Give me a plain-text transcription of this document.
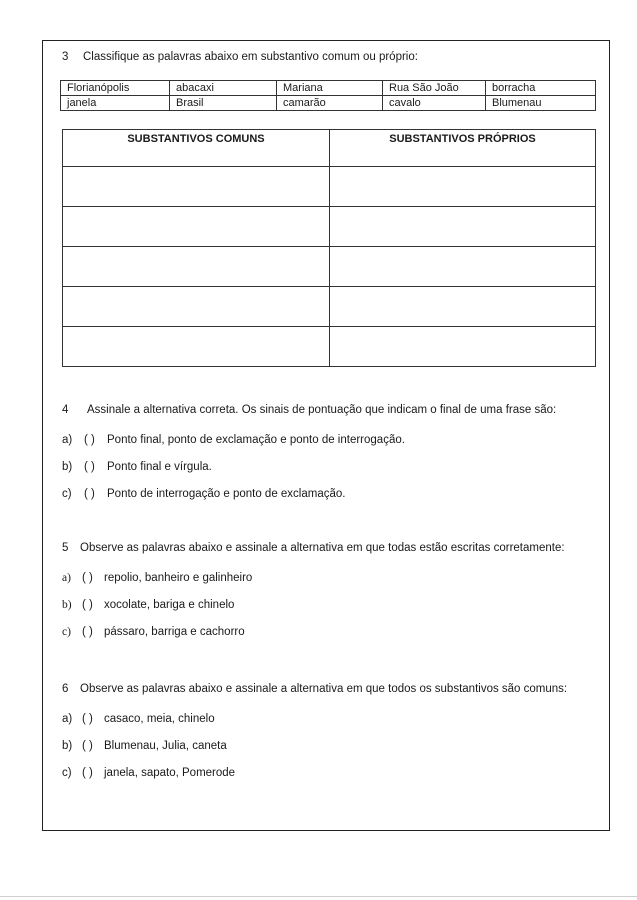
3 Classifique as palavras abaixo em substantivo comum ou próprio:
Florianópolis	abacaxi	Mariana	Rua São João	borracha
janela	Brasil	camarão	cavalo	Blumenau
SUBSTANTIVOS COMUNS	SUBSTANTIVOS PRÓPRIOS

4 Assinale a alternativa correta. Os sinais de pontuação que indicam o final de uma frase são:
a) ( ) Ponto final, ponto de exclamação e ponto de interrogação.
b) ( ) Ponto final e vírgula.
c) ( ) Ponto de interrogação e ponto de exclamação.
5 Observe as palavras abaixo e assinale a alternativa em que todas estão escritas corretamente:
a) ( ) repolio, banheiro e galinheiro
b) ( ) xocolate, bariga e chinelo
c) ( ) pássaro, barriga e cachorro
6 Observe as palavras abaixo e assinale a alternativa em que todos os substantivos são comuns:
a) ( ) casaco, meia, chinelo
b) ( ) Blumenau, Julia, caneta
c) ( ) janela, sapato, Pomerode
